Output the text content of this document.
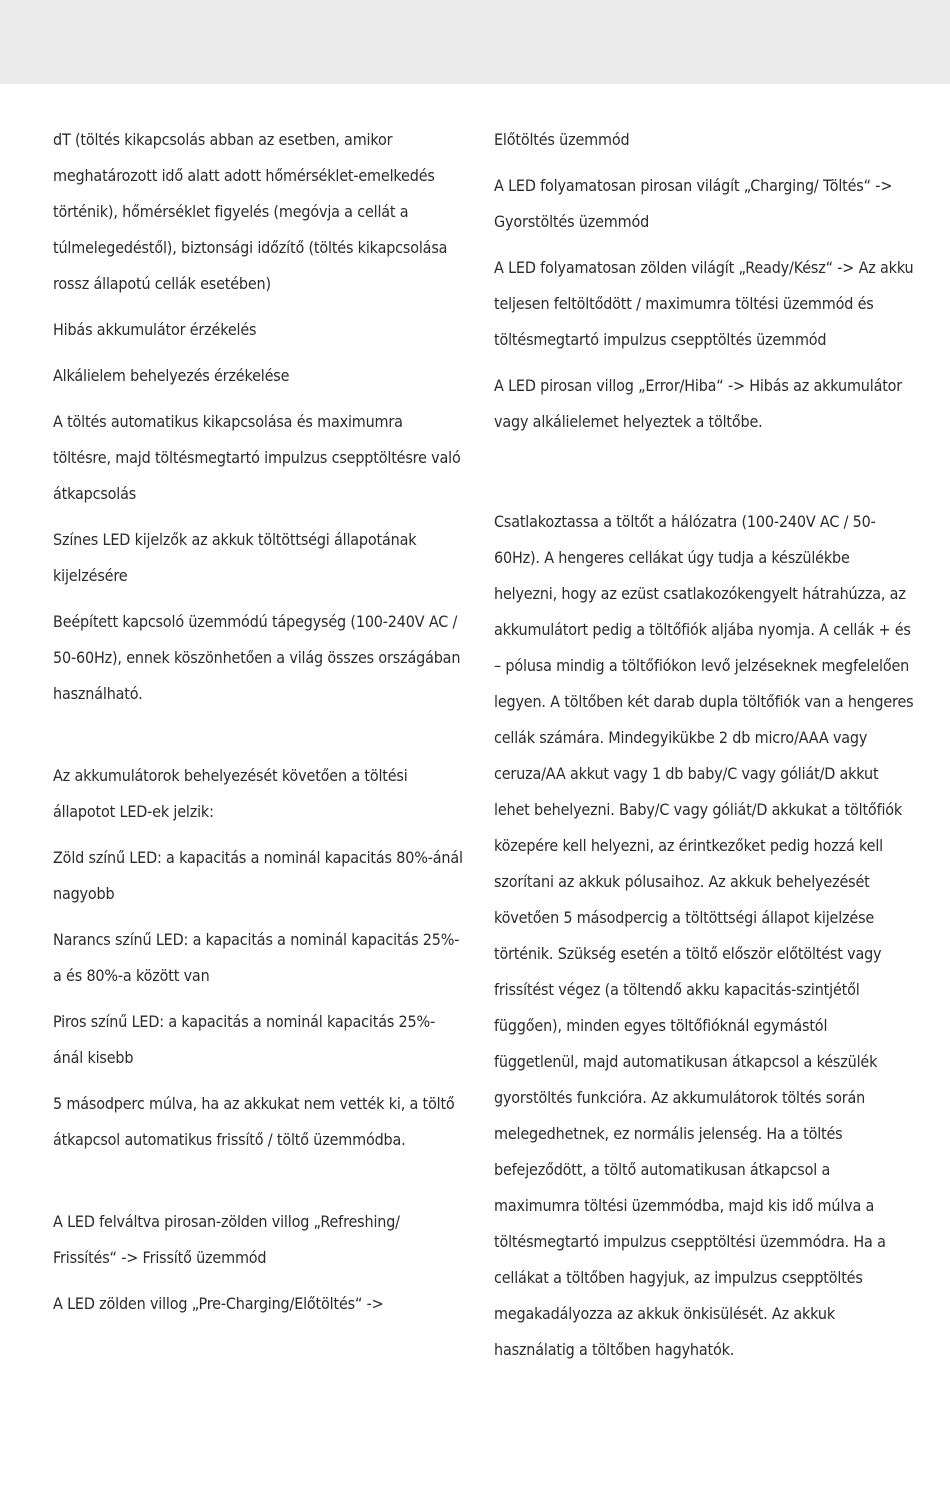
dT (töltés kikapcsolás abban az esetben, amikor meghatározott idő alatt adott hőmérséklet-emelkedés történik), hőmérséklet figyelés (megóvja a cellát a túlmelegedéstől), biztonsági időzítő (töltés kikapcsolása rossz állapotú cellák esetében)

Hibás akkumulátor érzékelés

Alkálielem behelyezés érzékelése

A töltés automatikus kikapcsolása és maximumra töltésre, majd töltésmegtartó impulzus csepptöltésre való átkapcsolás

Színes LED kijelzők az akkuk töltöttségi állapotának kijelzésére

Beépített kapcsoló üzemmódú tápegység (100-240V AC / 50-60Hz), ennek köszönhetően a világ összes országában használható.

Az akkumulátorok behelyezését követően a töltési állapotot LED-ek jelzik:

Zöld színű LED: a kapacitás a nominál kapacitás 80%-ánál nagyobb

Narancs színű LED: a kapacitás a nominál kapacitás 25%-a és 80%-a között van

Piros színű LED: a kapacitás a nominál kapacitás 25%-ánál kisebb

5 másodperc múlva, ha az akkukat nem vették ki, a töltő átkapcsol automatikus frissítő / töltő üzemmódba.

A LED felváltva pirosan-zölden villog „Refreshing/ Frissítés“ -> Frissítő üzemmód

A LED zölden villog „Pre-Charging/Előtöltés“ ->

Előtöltés üzemmód

A LED folyamatosan pirosan világít „Charging/ Töltés“ -> Gyorstöltés üzemmód

A LED folyamatosan zölden világít „Ready/Kész“ -> Az akku teljesen feltöltődött / maximumra töltési üzemmód és töltésmegtartó impulzus csepptöltés üzemmód

A LED pirosan villog „Error/Hiba“ -> Hibás az akkumulátor vagy alkálielemet helyeztek a töltőbe.

Csatlakoztassa a töltőt a hálózatra (100-240V AC / 50-60Hz). A hengeres cellákat úgy tudja a készülékbe helyezni, hogy az ezüst csatlakozókengyelt hátrahúzza, az akkumulátort pedig a töltőfiók aljába nyomja. A cellák + és – pólusa mindig a töltőfiókon levő jelzéseknek megfelelően legyen. A töltőben két darab dupla töltőfiók van a hengeres cellák számára. Mindegyikükbe 2 db micro/AAA vagy ceruza/AA akkut vagy 1 db baby/C vagy góliát/D akkut lehet behelyezni. Baby/C vagy góliát/D akkukat a töltőfiók közepére kell helyezni, az érintkezőket pedig hozzá kell szorítani az akkuk pólusaihoz. Az akkuk behelyezését követően 5 másodpercig a töltöttségi állapot kijelzése történik. Szükség esetén a töltő először előtöltést vagy frissítést végez (a töltendő akku kapacitás-szintjétől függően), minden egyes töltőfióknál egymástól függetlenül, majd automatikusan átkapcsol a készülék gyorstöltés funkcióra. Az akkumulátorok töltés során melegedhetnek, ez normális jelenség. Ha a töltés befejeződött, a töltő automatikusan átkapcsol a maximumra töltési üzemmódba, majd kis idő múlva a töltésmegtartó impulzus csepptöltési üzemmódra. Ha a cellákat a töltőben hagyjuk, az impulzus csepptöltés megakadályozza az akkuk önkisülését. Az akkuk használatig a töltőben hagyhatók.
